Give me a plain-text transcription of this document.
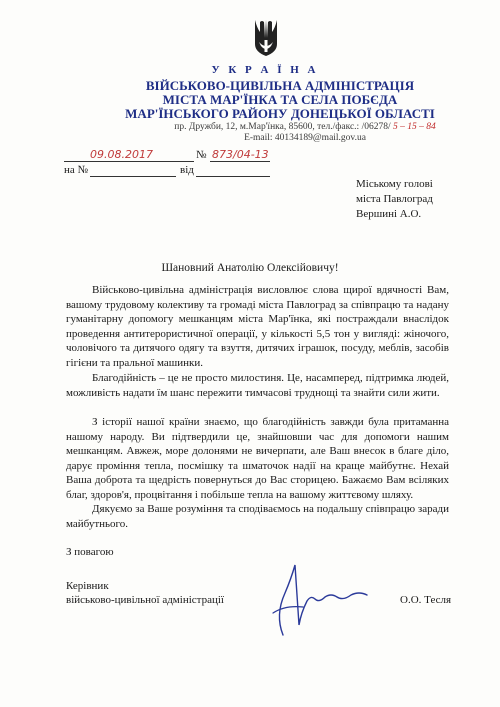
У К Р А Ї Н А
ВІЙСЬКОВО-ЦИВІЛЬНА АДМІНІСТРАЦІЯ
МІСТА МАР'ЇНКА ТА СЕЛА ПОБЄДА
МАР'ЇНСЬКОГО РАЙОНУ ДОНЕЦЬКОЇ ОБЛАСТІ
пр. Дружби, 12, м.Мар'їнка, 85600, тел./факс.: /06278/ 5 – 15 – 84
E-mail: 40134189@mail.gov.ua
09.08.2017	№ 873/04-13
на №	від
Міському голові
міста Павлоград
Вершині А.О.
Шановний Анатолію Олексійовичу!
Військово-цивільна адміністрація висловлює слова щирої вдячності Вам, вашому трудовому колективу та громаді міста Павлоград за співпрацю та надану гуманітарну допомогу мешканцям міста Мар'їнка, які постраждали внаслідок проведення антитерористичної операції, у кількості 5,5 тон у вигляді: жіночого, чоловічого та дитячого одягу та взуття, дитячих іграшок, посуду, меблів, засобів гігієни та пральної машинки.
Благодійність – це не просто милостиня. Це, насамперед, підтримка людей, можливість надати їм шанс пережити тимчасові труднощі та знайти сили жити.
З історії нашої країни знаємо, що благодійність завжди була притаманна нашому народу. Ви підтвердили це, знайшовши час для допомоги нашим мешканцям. Авжеж, море долонями не вичерпати, але Ваш внесок в благе діло, дарує проміння тепла, посмішку та шматочок надії на краще майбутнє. Нехай Ваша доброта та щедрість повернуться до Вас сторицею. Бажаємо Вам всіляких благ, здоров'я, процвітання і побільше тепла на вашому життєвому шляху.
Дякуємо за Ваше розуміння та сподіваємось на подальшу співпрацю заради майбутнього.
З повагою
Керівник
військово-цивільної адміністрації	О.О. Тесля
